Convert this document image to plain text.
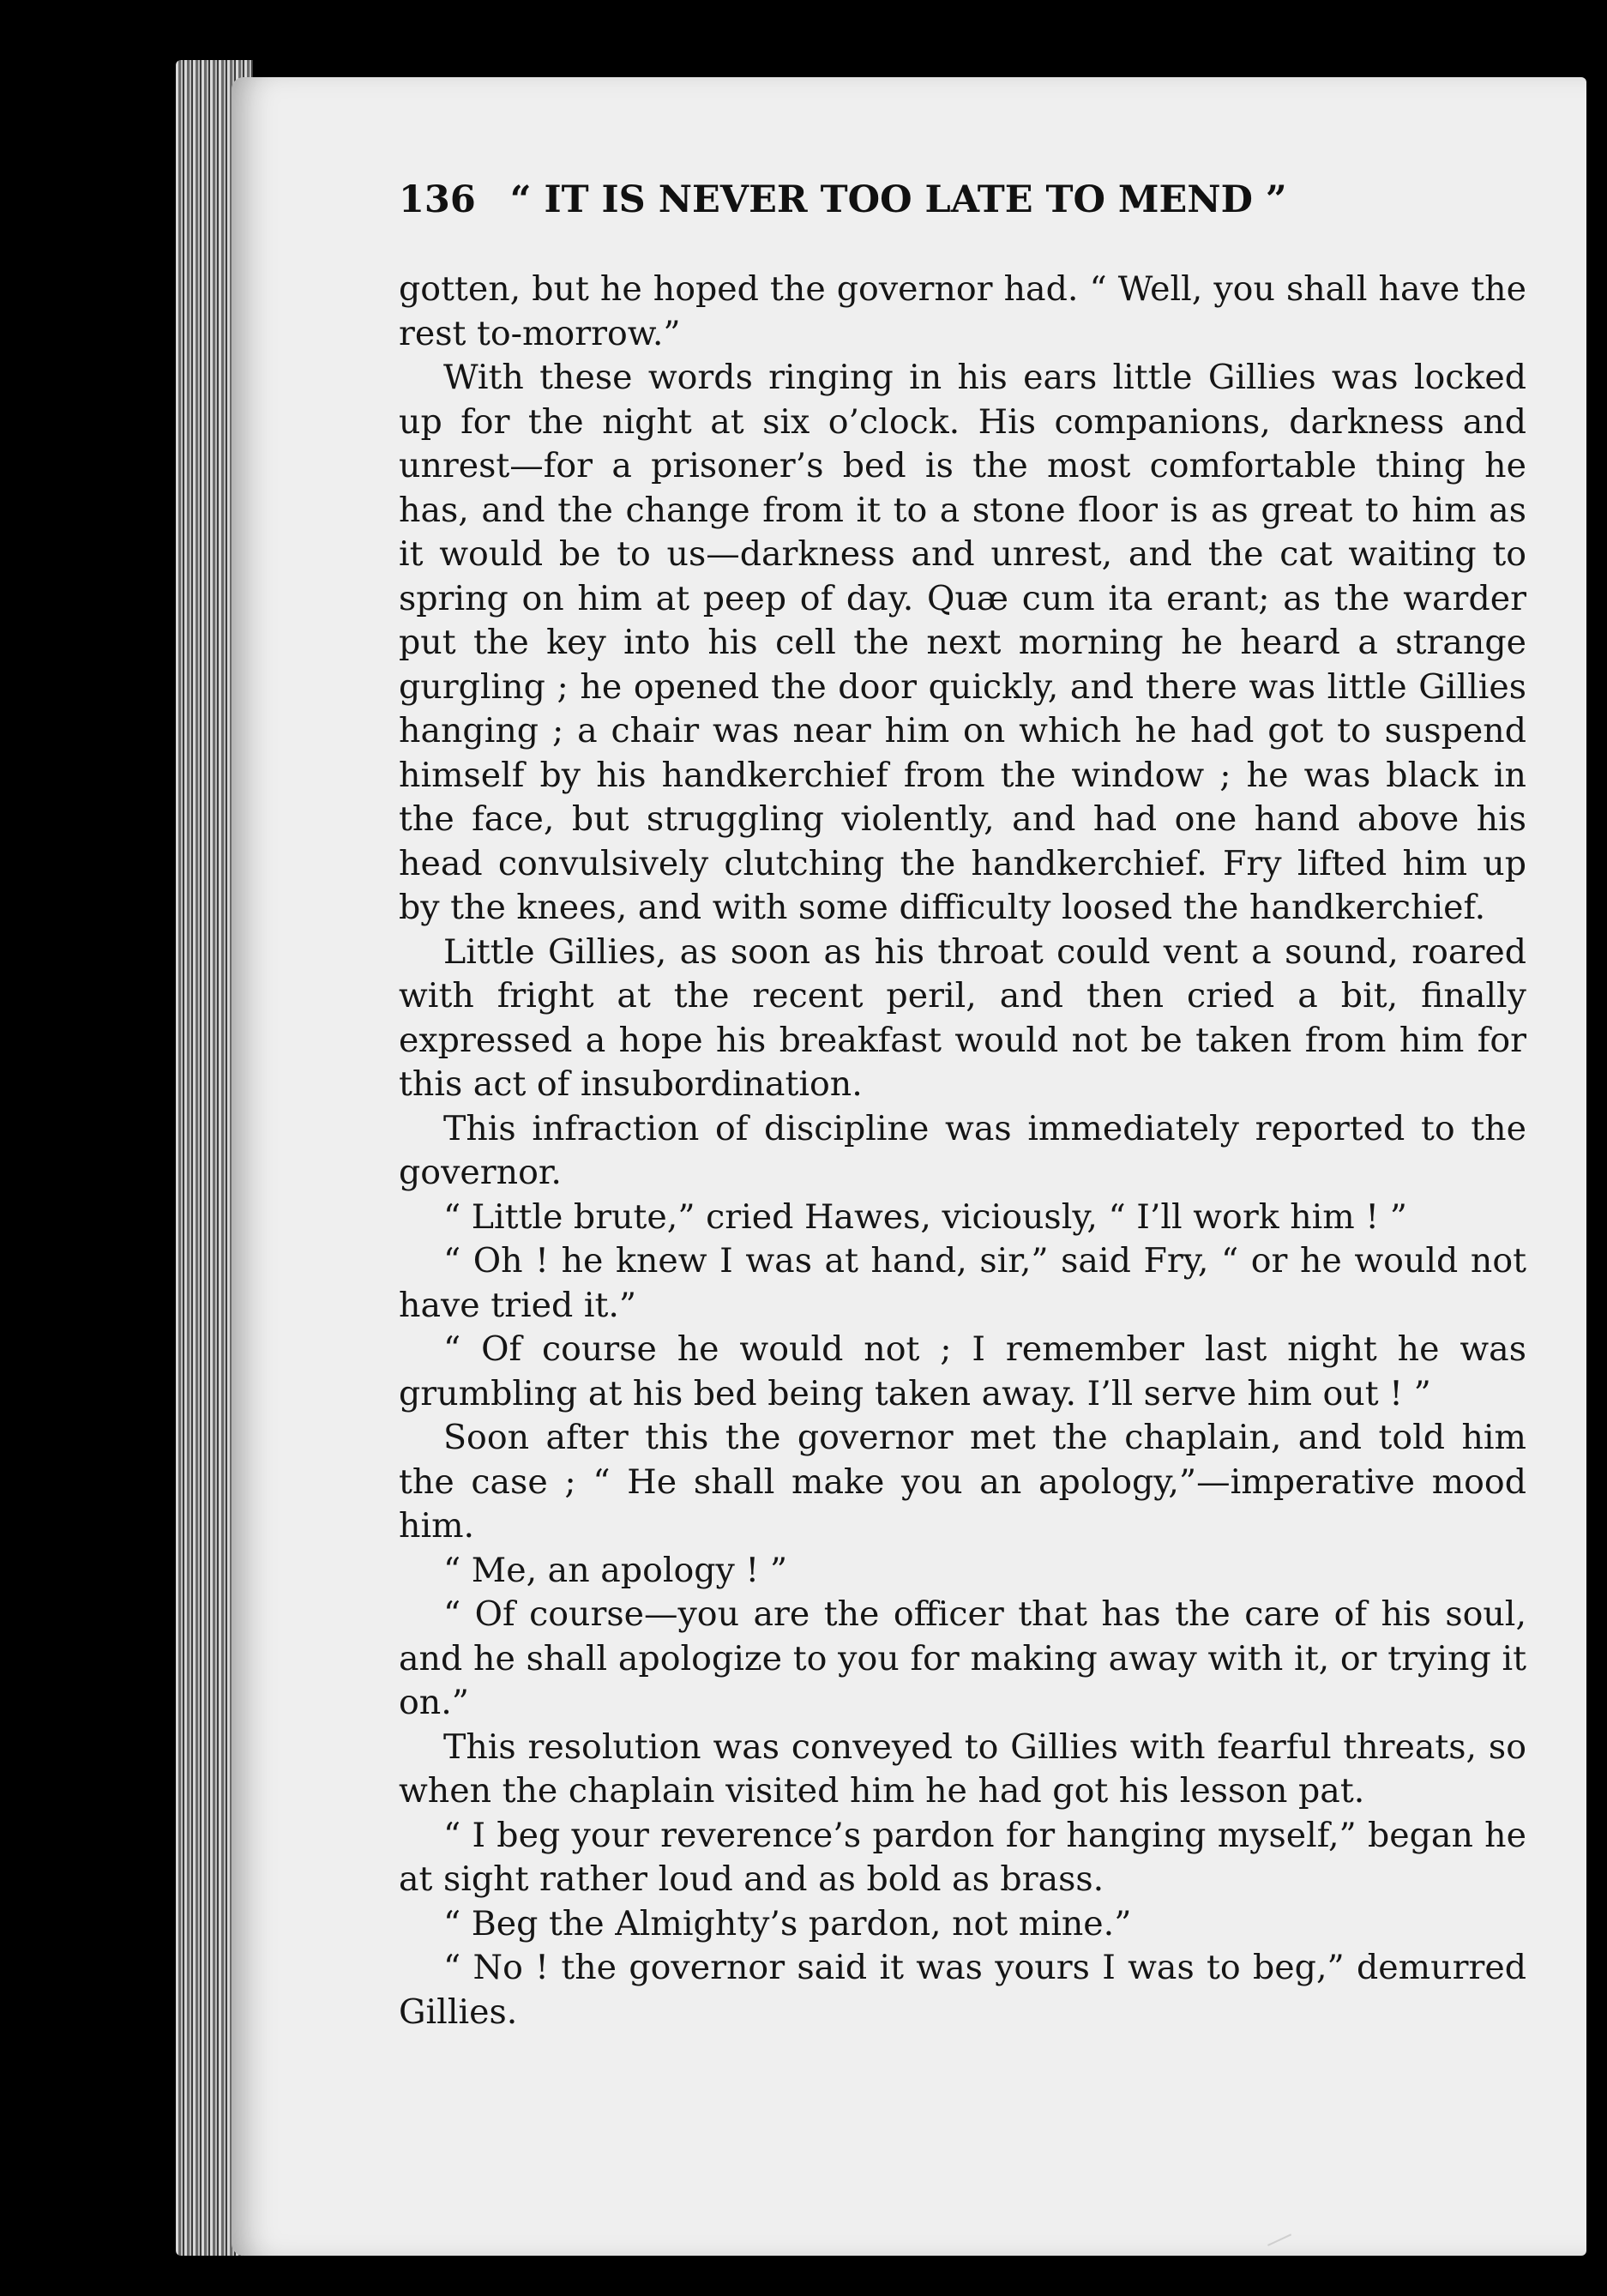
136 “ IT IS NEVER TOO LATE TO MEND ”

gotten, but he hoped the governor had. “ Well, you shall have the rest to-morrow.”

With these words ringing in his ears little Gillies was locked up for the night at six o’clock. His companions, darkness and unrest—for a prisoner’s bed is the most comfortable thing he has, and the change from it to a stone floor is as great to him as it would be to us—darkness and unrest, and the cat waiting to spring on him at peep of day. Quæ cum ita erant; as the warder put the key into his cell the next morning he heard a strange gurgling ; he opened the door quickly, and there was little Gillies hanging ; a chair was near him on which he had got to suspend himself by his handkerchief from the window ; he was black in the face, but struggling violently, and had one hand above his head convulsively clutching the handkerchief. Fry lifted him up by the knees, and with some difficulty loosed the handkerchief.

Little Gillies, as soon as his throat could vent a sound, roared with fright at the recent peril, and then cried a bit, finally expressed a hope his breakfast would not be taken from him for this act of insubordination.

This infraction of discipline was immediately reported to the governor.

“ Little brute,” cried Hawes, viciously, “ I’ll work him ! ”

“ Oh ! he knew I was at hand, sir,” said Fry, “ or he would not have tried it.”

“ Of course he would not ; I remember last night he was grumbling at his bed being taken away. I’ll serve him out ! ”

Soon after this the governor met the chaplain, and told him the case ; “ He shall make you an apology,”—imperative mood him.

“ Me, an apology ! ”

“ Of course—you are the officer that has the care of his soul, and he shall apologize to you for making away with it, or trying it on.”

This resolution was conveyed to Gillies with fearful threats, so when the chaplain visited him he had got his lesson pat.

“ I beg your reverence’s pardon for hanging myself,” began he at sight rather loud and as bold as brass.

“ Beg the Almighty’s pardon, not mine.”

“ No ! the governor said it was yours I was to beg,” demurred Gillies.
